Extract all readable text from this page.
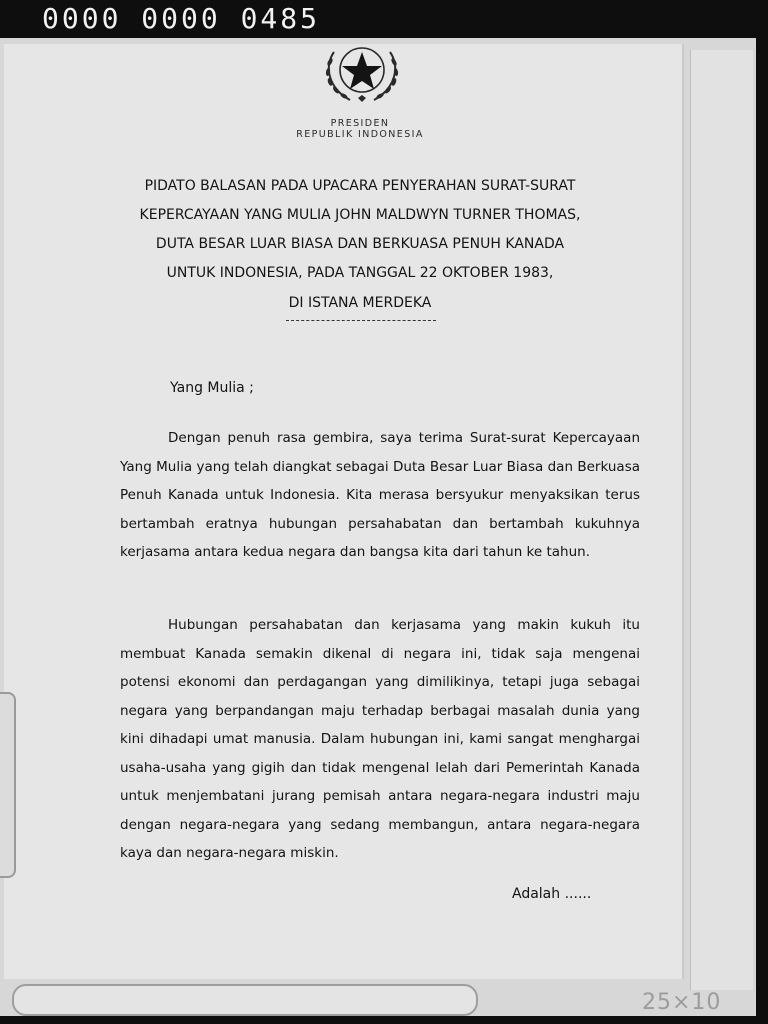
0000 0000 0485
25×10
PRESIDEN
REPUBLIK INDONESIA
PIDATO BALASAN PADA UPACARA PENYERAHAN SURAT-SURAT
KEPERCAYAAN YANG MULIA JOHN MALDWYN TURNER THOMAS,
DUTA BESAR LUAR BIASA DAN BERKUASA PENUH KANADA
UNTUK INDONESIA, PADA TANGGAL 22 OKTOBER 1983,
DI ISTANA MERDEKA
Yang Mulia ;

Dengan penuh rasa gembira, saya terima Surat-surat Kepercayaan Yang Mulia yang telah diangkat sebagai Duta Besar Luar Biasa dan Berkuasa Penuh Kanada untuk Indonesia. Kita merasa bersyukur menyaksikan terus bertambah eratnya hubungan persahabatan dan bertambah kukuhnya kerjasama antara kedua negara dan bangsa kita dari tahun ke tahun.

Hubungan persahabatan dan kerjasama yang makin kukuh itu membuat Kanada semakin dikenal di negara ini, tidak saja mengenai potensi ekonomi dan perdagangan yang dimilikinya, tetapi juga sebagai negara yang berpandangan maju terhadap berbagai masalah dunia yang kini dihadapi umat manusia. Dalam hubungan ini, kami sangat menghargai usaha-usaha yang gigih dan tidak mengenal lelah dari Pemerintah Kanada untuk menjembatani jurang pemisah antara negara-negara industri maju dengan negara-negara yang sedang membangun, antara negara-negara kaya dan negara-negara miskin.

Adalah ......
